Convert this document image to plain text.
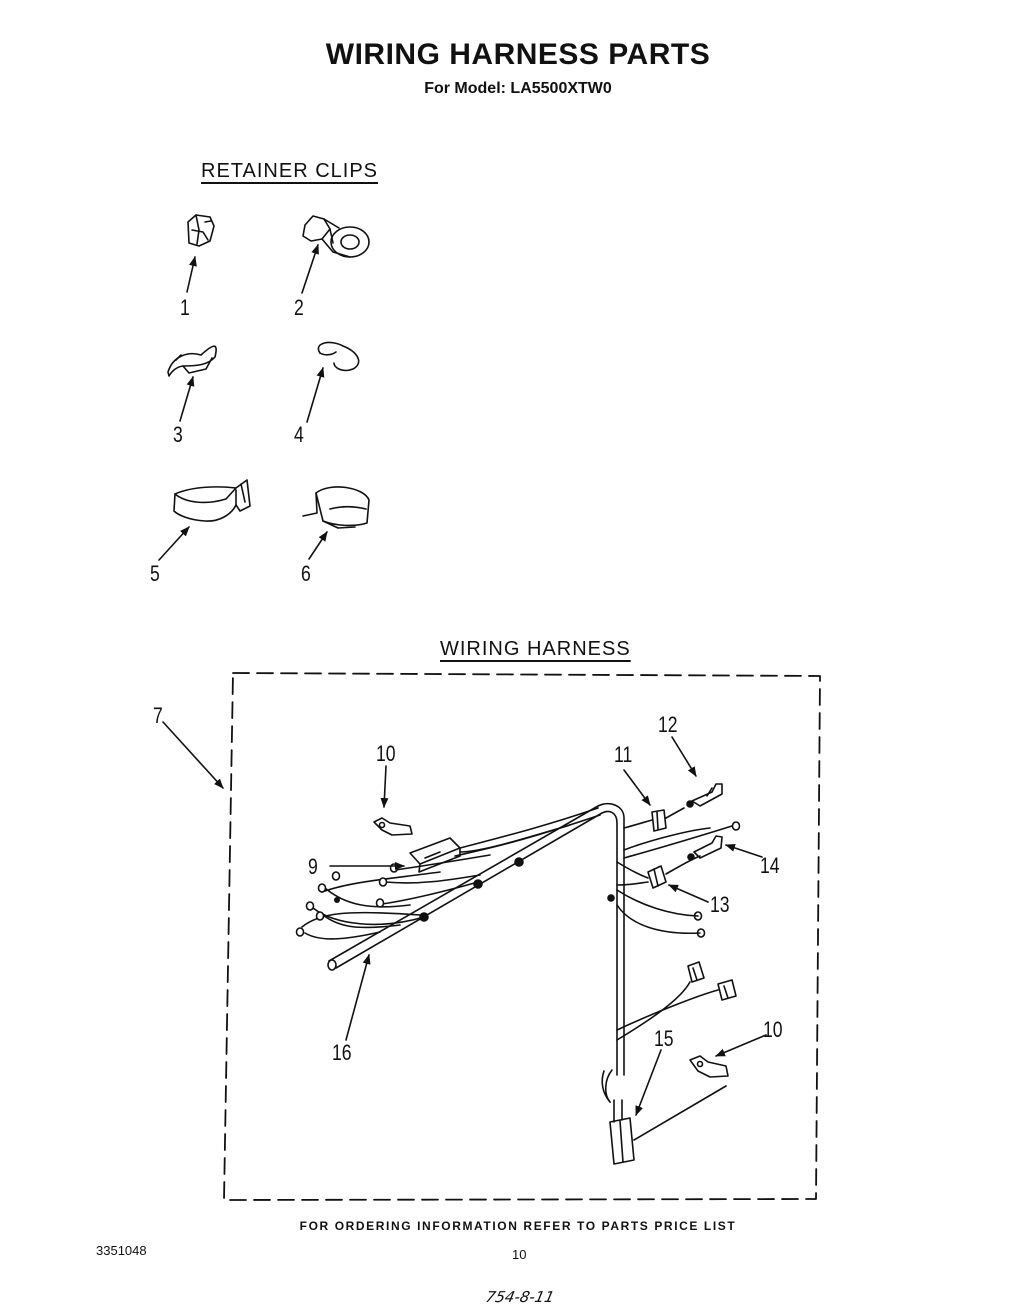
WIRING HARNESS PARTS
For Model: LA5500XTW0
RETAINER CLIPS
WIRING HARNESS
1	2
3	4
5	6
7
9
10	11
12
13
14
10
15
16
FOR ORDERING INFORMATION REFER TO PARTS PRICE LIST
3351048	10
754-8-11
